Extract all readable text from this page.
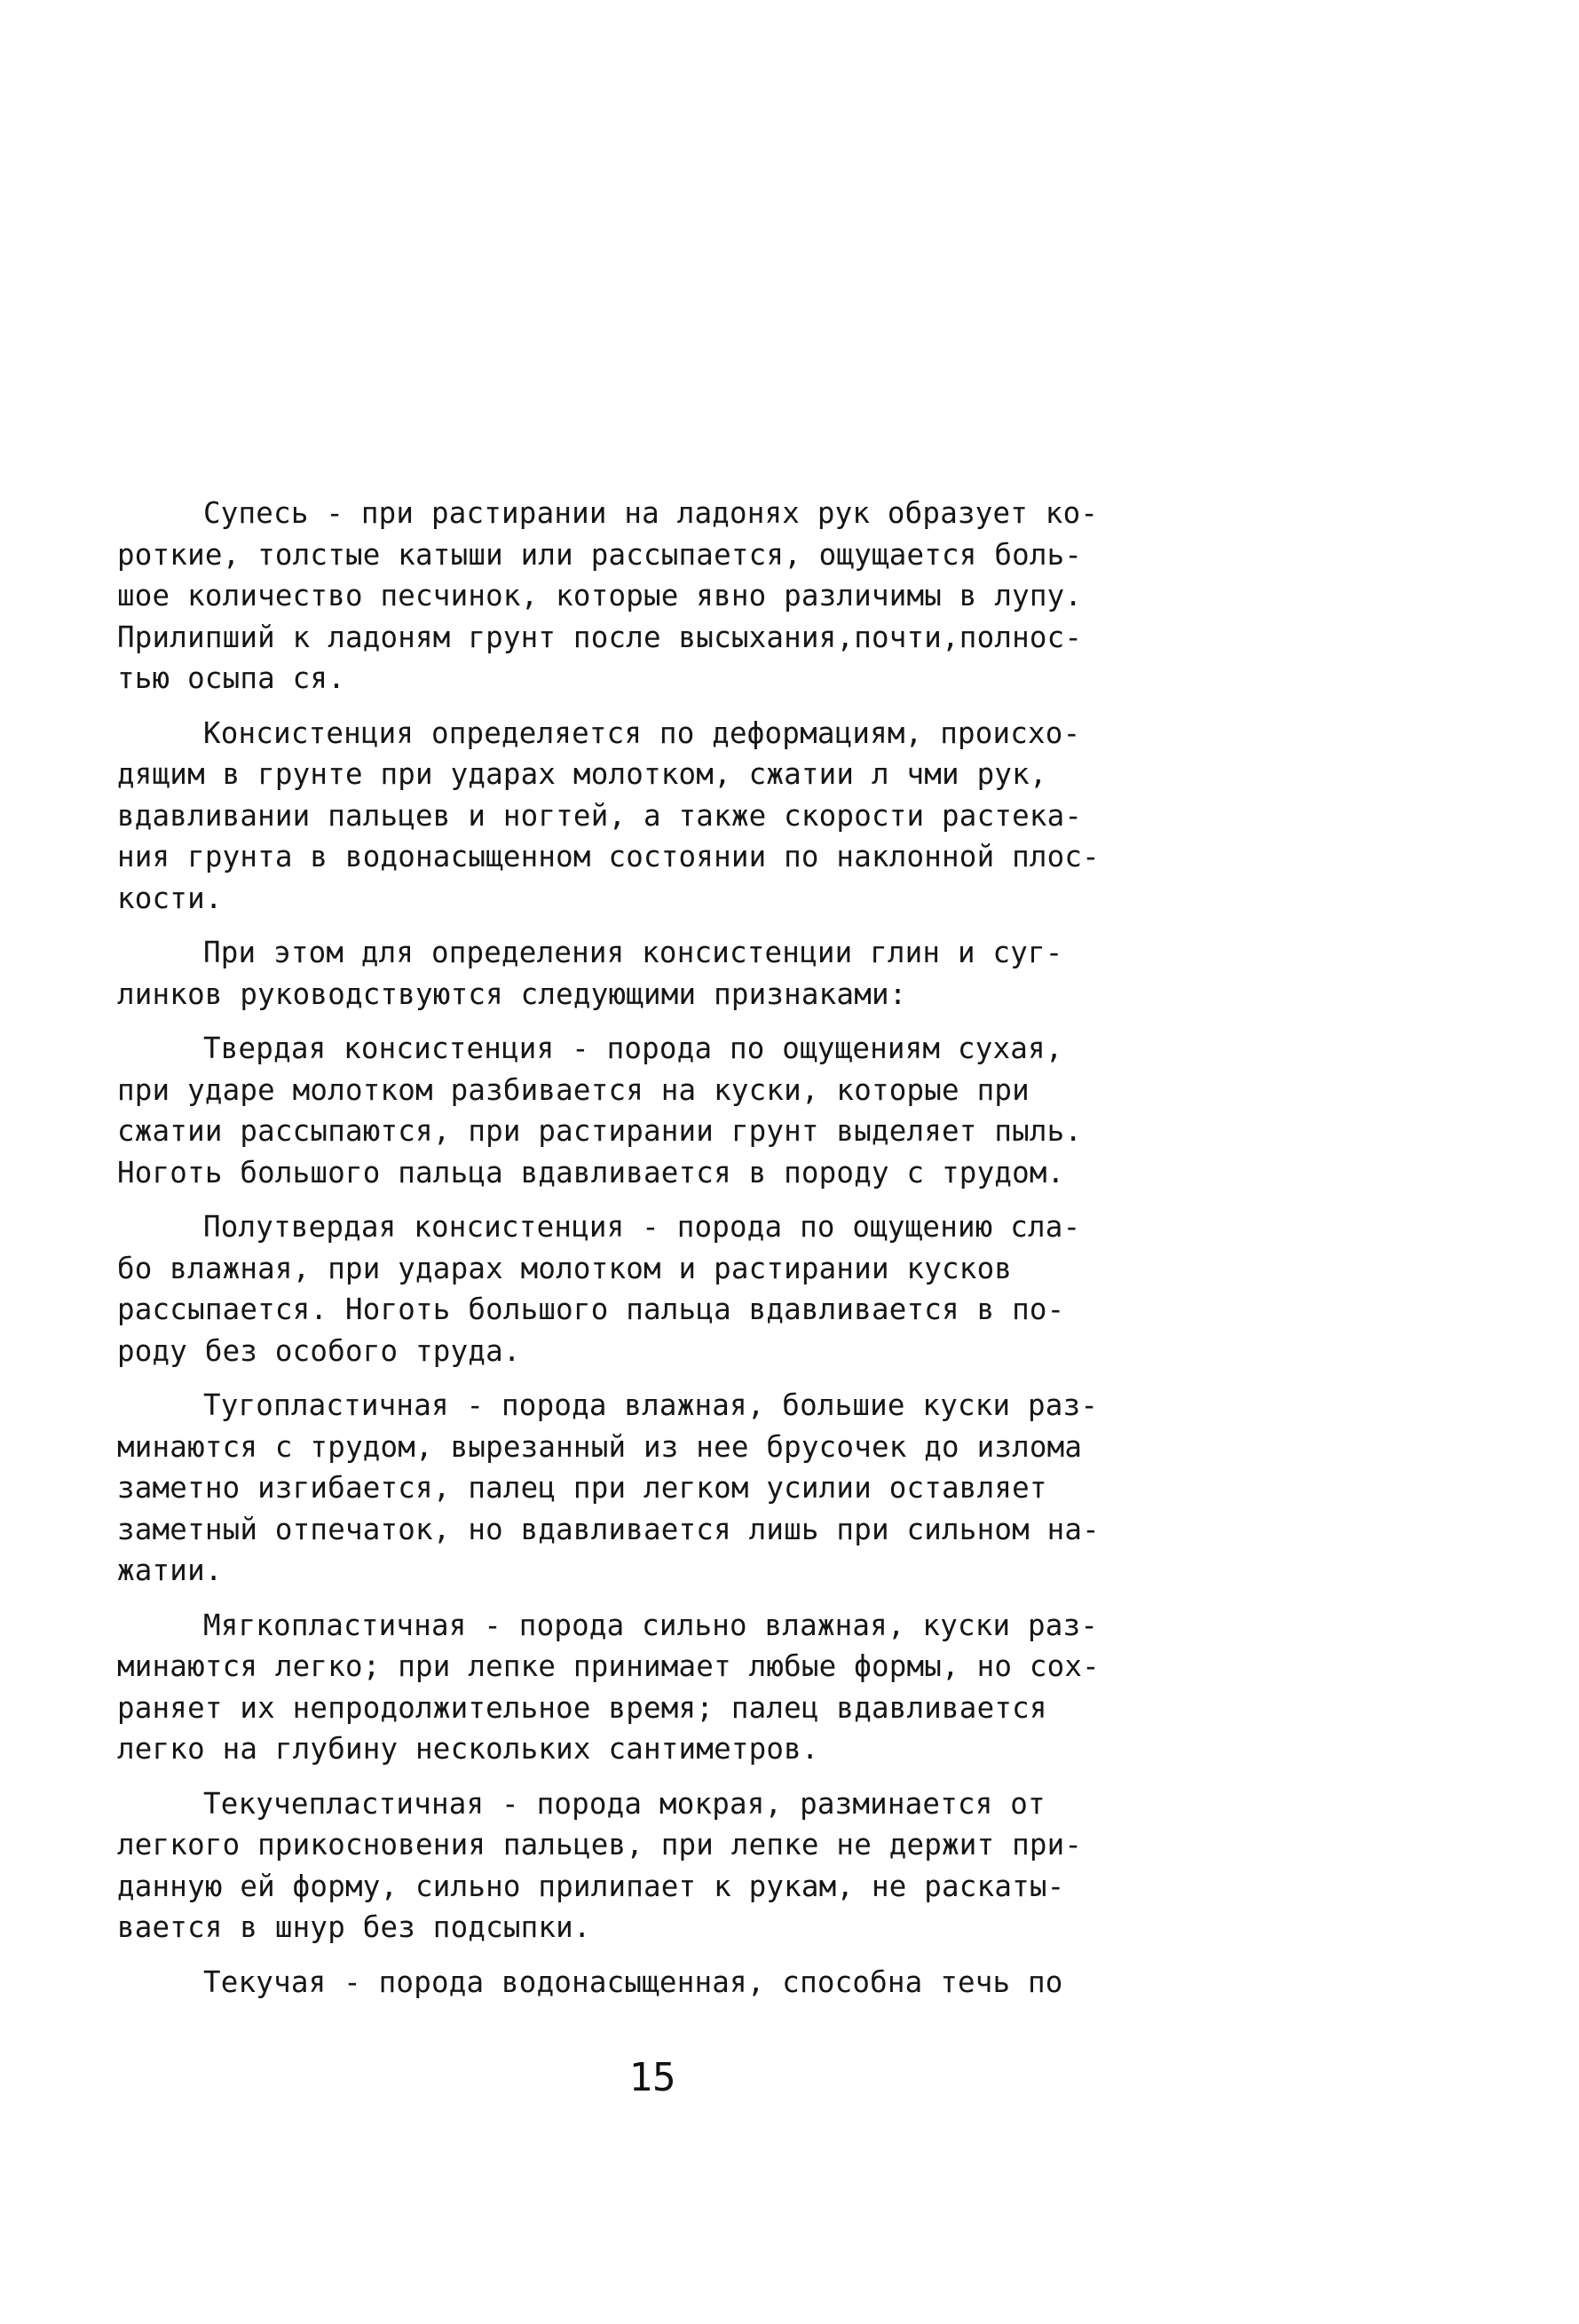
Супесь - при растирании на ладонях рук образует ко-
роткие, толстые катыши или рассыпается, ощущается боль-
шое количество песчинок, которые явно различимы в лупу.
Прилипший к ладоням грунт после высыхания,почти,полнос-
тью осыпа ся.
Консистенция определяется по деформациям, происхо-
дящим в грунте при ударах молотком, сжатии л чми рук,
вдавливании пальцев и ногтей, а также скорости растека-
ния грунта в водонасыщенном состоянии по наклонной плос-
кости.
При этом для определения консистенции глин и суг-
линков руководствуются следующими признаками:
Твердая консистенция - порода по ощущениям сухая,
при ударе молотком разбивается на куски, которые при
сжатии рассыпаются, при растирании грунт выделяет пыль.
Ноготь большого пальца вдавливается в породу с трудом.
Полутвердая консистенция - порода по ощущению сла-
бо влажная, при ударах молотком и растирании кусков
рассыпается. Ноготь большого пальца вдавливается в по-
роду без особого труда.
Тугопластичная - порода влажная, большие куски раз-
минаются с трудом, вырезанный из нее брусочек до излома
заметно изгибается, палец при легком усилии оставляет
заметный отпечаток, но вдавливается лишь при сильном на-
жатии.
Мягкопластичная - порода сильно влажная, куски раз-
минаются легко; при лепке принимает любые формы, но сох-
раняет их непродолжительное время; палец вдавливается
легко на глубину нескольких сантиметров.
Текучепластичная - порода мокрая, разминается от
легкого прикосновения пальцев, при лепке не держит при-
данную ей форму, сильно прилипает к рукам, не раскаты-
вается в шнур без подсыпки.
Текучая - порода водонасыщенная, способна течь по
15
